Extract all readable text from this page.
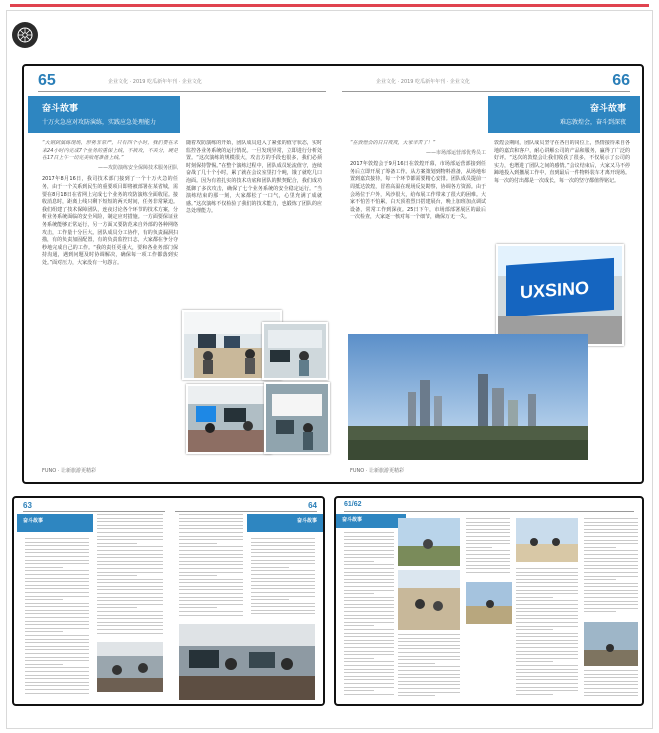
65	企业文化 · 2019 吃瓜新年年刊 · 企业文化
奋斗故事
十万火急应对攻防演练，实践应急处理能力
“大钢到演练现场，形势非常严，只有四个小时，我们要在未来24小时内完成7个业务的重保上线，不被攻，不丢分，硬是在17日上午一切完美收尾准备上线。”
——攻防演练安全保障技术服务团队
2017年8月16日，我司技术部门接到了一个十万火急的任务，由于一个关系到民生的重要项目即将被部署在某省城，需要在8月18日在省网上完成七个业务的攻防演练全面收尾。接收消息时，距离上线只剩下短短的两天时间，任务非常紧迫。我们组建了技术保障团队，连夜讨论各个环节的技术方案，分析业务系统面临的安全风险，制定应对措施。一方面要保证业务系统能够正常运行，另一方面又要防范来自外部的各种网络攻击，工作量十分巨大。团队成员分工协作，有的负责漏洞扫描，有的负责加固配置，有的负责监控日志，大家都在争分夺秒地完成自己的工作。“我的责任更重大，要和各业务部门保持沟通，遇到问题及时协调解决，确保每一项工作都落到实处。”面对压力，大家没有一句怨言。
随着攻防演练的开始，团队成员进入了紧张的值守状态，实时监控各业务系统的运行情况。一旦发现异常，立即进行分析处置。“这次演练的规模很大，攻击方的手段也很多，我们必须时刻保持警惕。”在整个演练过程中，团队成员轮流值守，连续奋战了几十个小时，累了就在会议室里打个盹，饿了就吃几口泡面。因为有着扎实的技术功底和团队的默契配合，我们成功抵御了多次攻击，确保了七个业务系统的安全稳定运行。“当演练结束的那一刻，大家都松了一口气，心里充满了成就感。”这次演练不仅检验了我们的技术能力，也锻炼了团队的应急处理能力。
FUNO · 让新旅游更精彩
66
企业文化 · 2019 吃瓜新年年刊 · 企业文化
奋斗故事
难忘敦煌会，奋斗到深夜
“在敦煌会的日日夜夜，大家辛苦了！”
——市场部运营部优秀员工
2017年敦煌会于9月16日在敦煌开幕，市场部运营部接到任务后立即开展了筹备工作。从方案策划到物料准备，从场地布置到嘉宾接待，每一个环节都需要精心安排。团队成员提前一周抵达敦煌，冒着高温在现场反复勘察，协调各方资源。由于会场位于户外，风沙很大，给布展工作带来了很大的困难。大家不怕苦不怕累，白天顶着烈日搭建展台，晚上加班加点调试设备，常常工作到深夜。25日下午，市场部部署展区的最后一次检查，大家逐一核对每一个细节，确保万无一失。
敦煌会期间，团队成员坚守在各自的岗位上，热情接待来自各地的嘉宾和客户，耐心讲解公司的产品和服务，赢得了广泛的好评。“这次的敦煌会让我们收获了很多，不仅展示了公司的实力，也增进了团队之间的感情。”会议结束后，大家又马不停蹄地投入到撤展工作中，直到最后一件物料装车才离开现场。每一次的付出都是一次成长，每一次的坚守都值得铭记。
UXSINO
FUNO · 让新旅游更精彩
63
奋斗故事
64
奋斗故事
61/62
奋斗故事
